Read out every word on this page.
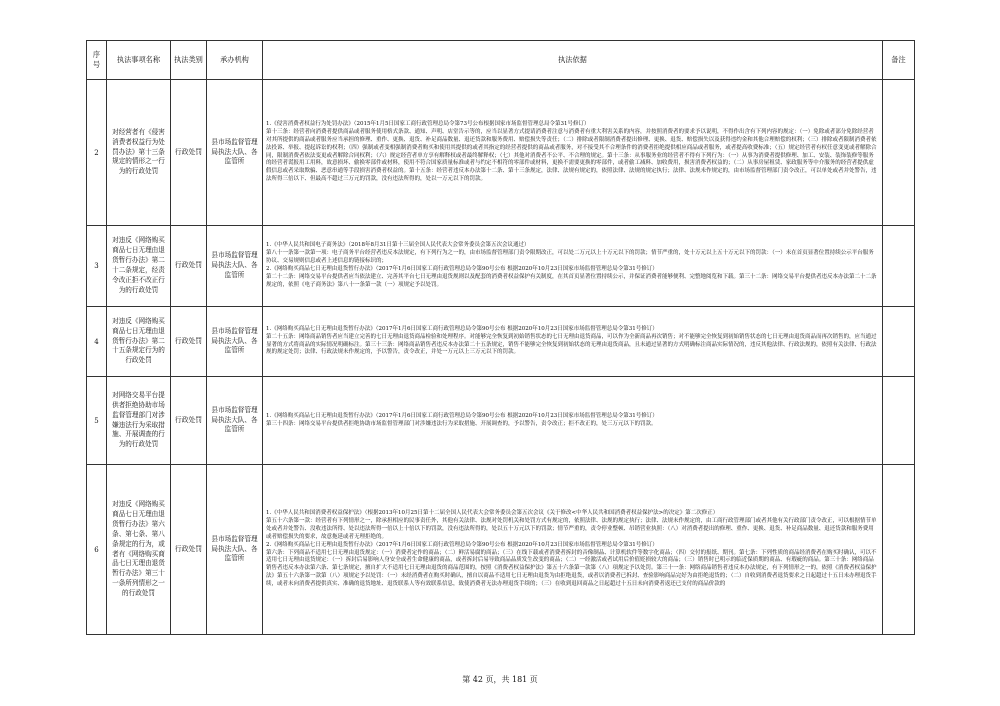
序号	执法事项名称	执法类别	承办机构	执法依据	备注
2	对经营者有《侵害消费者权益行为处罚办法》第十三条规定的情形之一行为的行政处罚	行政处罚	县市场监督管理局执法大队、各监管所	1.《侵害消费者权益行为处罚办法》（2015年1月5日国家工商行政管理总局令第73号公布根据国家市场监督管理总局令第31号修订）
第十三条：经营者向消费者提供商品或者服务使用格式条款、通知、声明、店堂告示等的，应当以显著方式提请消费者注意与消费者有重大利害关系的内容，并按照消费者的要求予以说明，不得作出含有下列内容的规定：（一）免除或者部分免除经营者对其所提供的商品或者服务应当承担的修理、重作、更换、退货、补足商品数量、退还货款和服务费用、赔偿损失等责任；（二）排除或者限制消费者提出修理、更换、退货、赔偿损失以及获得违约金和其他合理赔偿的权利；（三）排除或者限制消费者依法投诉、举报、提起诉讼的权利；（四）强制或者变相强制消费者购买和使用其提供的或者其指定的经营者提供的商品或者服务，对不接受其不合理条件的消费者拒绝提供相应商品或者服务，或者提高收费标准；（五）规定经营者有权任意变更或者解除合同，限制消费者依法变更或者解除合同权利；（六）规定经营者单方享有解释权或者最终解释权；（七）其他对消费者不公平、不合理的规定。第十三条：从事服务业的经营者不得有下列行为：（一）从事为消费者提供修理、加工、安装、装饰装修等服务的经营者谎报用工用料，故意损坏、偷换零部件或材料，使用不符合国家质量标准或者与约定不相符的零部件或材料，更换不需要更换的零部件，或者偷工减料、加收费用，损害消费者权益的；（二）从事房屋租赁、家政服务等中介服务的经营者提供虚假信息或者采取欺骗、恶意串通等手段损害消费者权益的。第十五条：经营者违反本办法第十二条、第十三条规定，法律、法规有规定的，依照法律、法规的规定执行；法律、法规未作规定的，由市场监督管理部门责令改正，可以单处或者并处警告，违法所得三倍以下、但最高不超过三万元的罚款，没有违法所得的，处以一万元以下的罚款。	

3	对违反《网络购买商品七日无理由退货暂行办法》第二十二条规定，经责令改正拒不改正行为的行政处罚	行政处罚	县市场监督管理局执法大队、各监管所	1.《中华人民共和国电子商务法》（2018年8月31日第十三届全国人民代表大会常务委员会第五次会议通过）
第八十一条第一款第一项：电子商务平台经营者违反本法规定，有下列行为之一的，由市场监督管理部门责令限期改正，可以处二万元以上十万元以下的罚款；情节严重的，处十万元以上五十万元以下的罚款：（一）未在首页显著位置持续公示平台服务协议、交易规则信息或者上述信息的链接标识的；
2.《网络购买商品七日无理由退货暂行办法》（2017年1月6日国家工商行政管理总局令第90号公布 根据2020年10月23日国家市场监督管理总局令第31号修订）
第二十二条：网络交易平台提供者应当依法建立、完善其平台七日无理由退货规则以及配套的消费者权益保护有关制度，在其首页显著位置持续公示，并保证消费者能够便利、完整地阅览和下载。第三十二条：网络交易平台提供者违反本办法第二十二条规定的，依照《电子商务法》第八十一条第一款（一）项规定予以处罚。	

4	对违反《网络购买商品七日无理由退货暂行办法》第二十五条规定行为的行政处罚	行政处罚	县市场监督管理局执法大队、各监管所	1.《网络购买商品七日无理由退货暂行办法》（2017年1月6日国家工商行政管理总局令第90号公布 根据2020年10月23日国家市场监督管理总局令第31号修订）
第二十五条：网络商品销售者应当建立完善的七日无理由退货商品检验和处理程序。对能够完全恢复到初始销售状态的七日无理由退货商品，可以作为全新商品再次销售；对不能够完全恢复到初始销售状态的七日无理由退货商品而再次销售的，应当通过显著的方式将商品的实际情况明确标注。第三十三条：网络商品销售者违反本办法第二十五条规定，销售不能够完全恢复到初始状态的无理由退货商品，且未通过显著的方式明确标注商品实际情况的，违反其他法律、行政法规的，依照有关法律、行政法规的规定处罚；法律、行政法规未作规定的，予以警告，责令改正，并处一万元以上三万元以下的罚款。	

5	对网络交易平台提供者拒绝协助市场监督管理部门对涉嫌违法行为采取措施、开展调查的行为的行政处罚	行政处罚	县市场监督管理局执法大队、各监管所	1.《网络购买商品七日无理由退货暂行办法》（2017年1月6日国家工商行政管理总局令第90号公布 根据2020年10月23日国家市场监督管理总局令第31号修订）
第三十四条：网络交易平台提供者拒绝协助市场监督管理部门对涉嫌违法行为采取措施、开展调查的，予以警告，责令改正；拒不改正的，处三万元以下的罚款。	

6	对违反《网络购买商品七日无理由退货暂行办法》第六条、第七条、第八条规定的行为，或者有《网络购买商品七日无理由退货暂行办法》第三十一条所列情形之一的行政处罚	行政处罚	县市场监督管理局执法大队、各监管所	1.《中华人民共和国消费者权益保护法》（根据2013年10月25日第十二届全国人民代表大会常务委员会第五次会议《关于修改<中华人民共和国消费者权益保护法>的决定》第二次修正）
第五十六条第一款：经营者有下列情形之一，除承担相应的民事责任外，其他有关法律、法规对处罚机关和处罚方式有规定的，依照法律、法规的规定执行；法律、法规未作规定的，由工商行政管理部门或者其他有关行政部门责令改正，可以根据情节单处或者并处警告、没收违法所得、处以违法所得一倍以上十倍以下的罚款，没有违法所得的，处以五十万元以下的罚款；情节严重的，责令停业整顿、吊销营业执照：（八）对消费者提出的修理、重作、更换、退货、补足商品数量、退还货款和服务费用或者赔偿损失的要求，故意拖延或者无理拒绝的。
2.《网络购买商品七日无理由退货暂行办法》（2017年1月6日国家工商行政管理总局令第90号公布 根据2020年10月23日国家市场监督管理总局令第31号修订）
第六条：下列商品不适用七日无理由退货规定：（一）消费者定作的商品；（二）鲜活易腐的商品；（三）在线下载或者消费者拆封的音像制品、计算机软件等数字化商品；（四）交付的报纸、期刊。第七条：下列性质的商品经消费者在购买时确认，可以不适用七日无理由退货规定：（一）拆封后易影响人身安全或者生命健康的商品，或者拆封后易导致商品品质发生改变的商品；（二）一经激活或者试用后价值贬损较大的商品；（三）销售时已明示的临近保质期的商品、有瑕疵的商品。第三十条：网络商品销售者违反本办法第六条、第七条规定，擅自扩大不适用七日无理由退货的商品范围的，按照《消费者权益保护法》第五十六条第一款第（八）项规定予以处罚。第三十一条：网络商品销售者违反本办法规定，有下列情形之一的，依照《消费者权益保护法》第五十六条第一款第（八）项规定予以处罚：（一）未经消费者在购买时确认，擅自以商品不适用七日无理由退货为由拒绝退货，或者以消费者已拆封、查验影响商品完好为由拒绝退货的；（二）自收到消费者退货要求之日起超过十五日未办理退货手续，或者未向消费者提供真实、准确的退货地址、退货联系人等有效联系信息，致使消费者无法办理退货手续的；（三）在收到退回商品之日起超过十五日未向消费者返还已支付的商品价款的	

第 42 页，共 181 页
